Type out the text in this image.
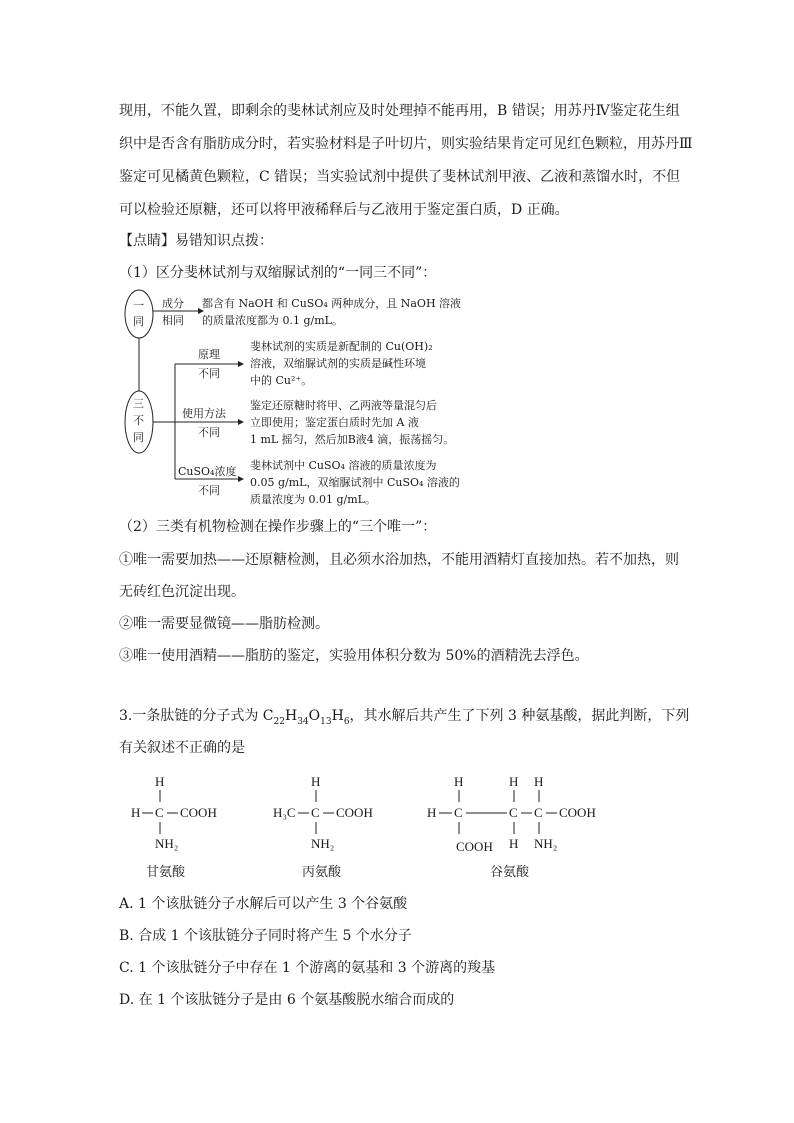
现用，不能久置，即剩余的斐林试剂应及时处理掉不能再用，B 错误；用苏丹Ⅳ鉴定花生组
织中是否含有脂肪成分时，若实验材料是子叶切片，则实验结果肯定可见红色颗粒，用苏丹Ⅲ
鉴定可见橘黄色颗粒，C 错误；当实验试剂中提供了斐林试剂甲液、乙液和蒸馏水时，不但
可以检验还原糖，还可以将甲液稀释后与乙液用于鉴定蛋白质，D 正确。
【点睛】易错知识点拨：
（1）区分斐林试剂与双缩脲试剂的“一同三不同”：
一
同
三
不
同
成分
相同
都含有 NaOH 和 CuSO₄ 两种成分，且 NaOH 溶液
的质量浓度都为 0.1 g/mL。
原理
不同
斐林试剂的实质是新配制的 Cu(OH)₂
溶液，双缩脲试剂的实质是碱性环境
中的 Cu²⁺。
使用方法
不同
鉴定还原糖时将甲、乙两液等量混匀后
立即使用；鉴定蛋白质时先加 A 液
1 mL 摇匀，然后加B液4 滴，振荡摇匀。
CuSO₄浓度
不同
斐林试剂中 CuSO₄ 溶液的质量浓度为
0.05 g/mL，双缩脲试剂中 CuSO₄ 溶液的
质量浓度为 0.01 g/mL。
（2）三类有机物检测在操作步骤上的“三个唯一”：
①唯一需要加热——还原糖检测，且必须水浴加热，不能用酒精灯直接加热。若不加热，则
无砖红色沉淀出现。
②唯一需要显微镜——脂肪检测。
③唯一使用酒精——脂肪的鉴定，实验用体积分数为 50%的酒精洗去浮色。
3.一条肽链的分子式为 $C_{22}H_{34}O_{13}H_6$，其水解后共产生了下列 3 种氨基酸，据此判断，下列
有关叙述不正确的是
H
H C COOH
NH₂
甘氨酸
H
H₃C C COOH
NH₂
丙氨酸
H	H H
H C	C C COOH
COOH H NH₂
谷氨酸
A. 1 个该肽链分子水解后可以产生 3 个谷氨酸
B. 合成 1 个该肽链分子同时将产生 5 个水分子
C. 1 个该肽链分子中存在 1 个游离的氨基和 3 个游离的羧基
D. 在 1 个该肽链分子是由 6 个氨基酸脱水缩合而成的
